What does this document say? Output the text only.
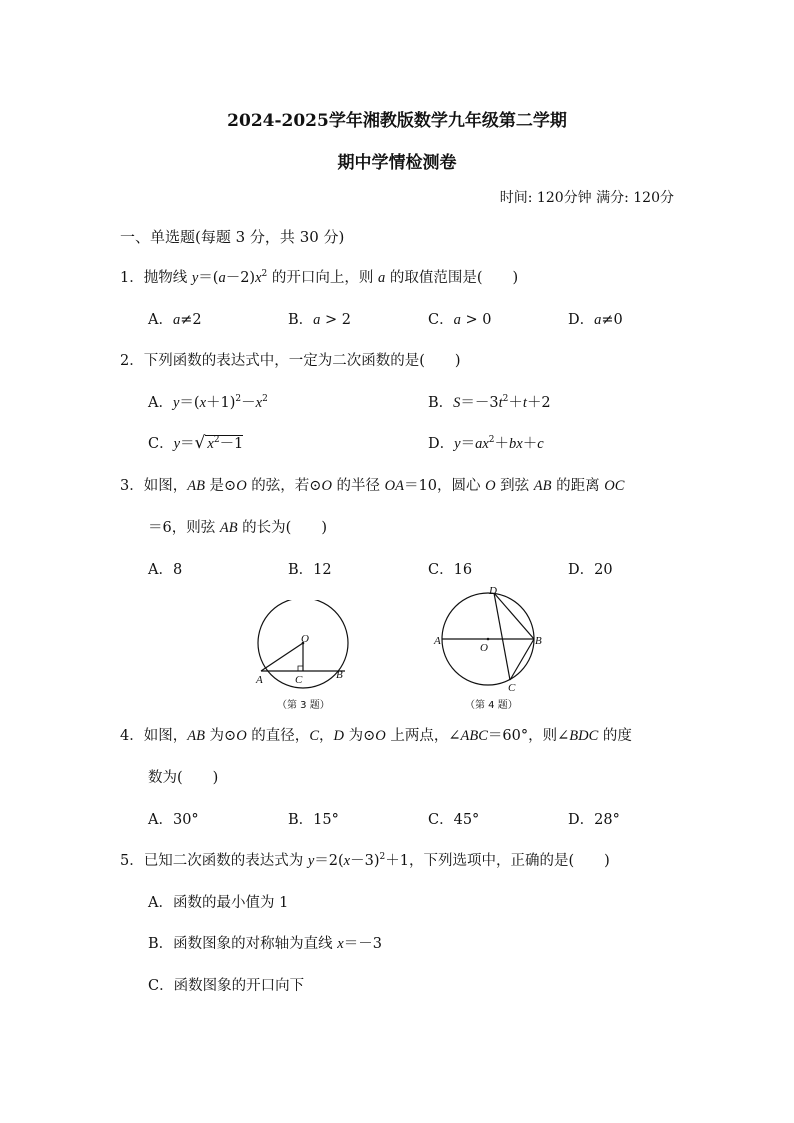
2024-2025学年湘教版数学九年级第二学期
期中学情检测卷
时间: 120分钟 满分: 120分
一、单选题(每题 3 分，共 30 分)
1．抛物线 $y=(a-2)x^2$ 的开口向上，则 a 的取值范围是( )
A．a≠2	B．a > 2	C．a > 0	D．a≠0
2．下列函数的表达式中，一定为二次函数的是( )
A．$y=(x+1)^2-x^2$	B．$S=-3t^2+t+2$
C．y＝√ $x^2-1$	D．$y=ax^2+bx+c$
3．如图，AB 是⊙O 的弦，若⊙O 的半径 OA＝10，圆心 O 到弦 AB 的距离 OC
＝6，则弦 AB 的长为( )
A．8	B．12	C．16	D．20
O
A	C	B
（第 3 题）
D
A
O
B
C
（第 4 题）
4．如图，AB 为⊙O 的直径，C，D 为⊙O 上两点，∠ABC＝60°，则∠BDC 的度
数为( )
A．30°	B．15°	C．45°	D．28°
5．已知二次函数的表达式为 $y=2(x-3)^2+1$，下列选项中，正确的是( )
A．函数的最小值为 1
B．函数图象的对称轴为直线 x＝－3
C．函数图象的开口向下
